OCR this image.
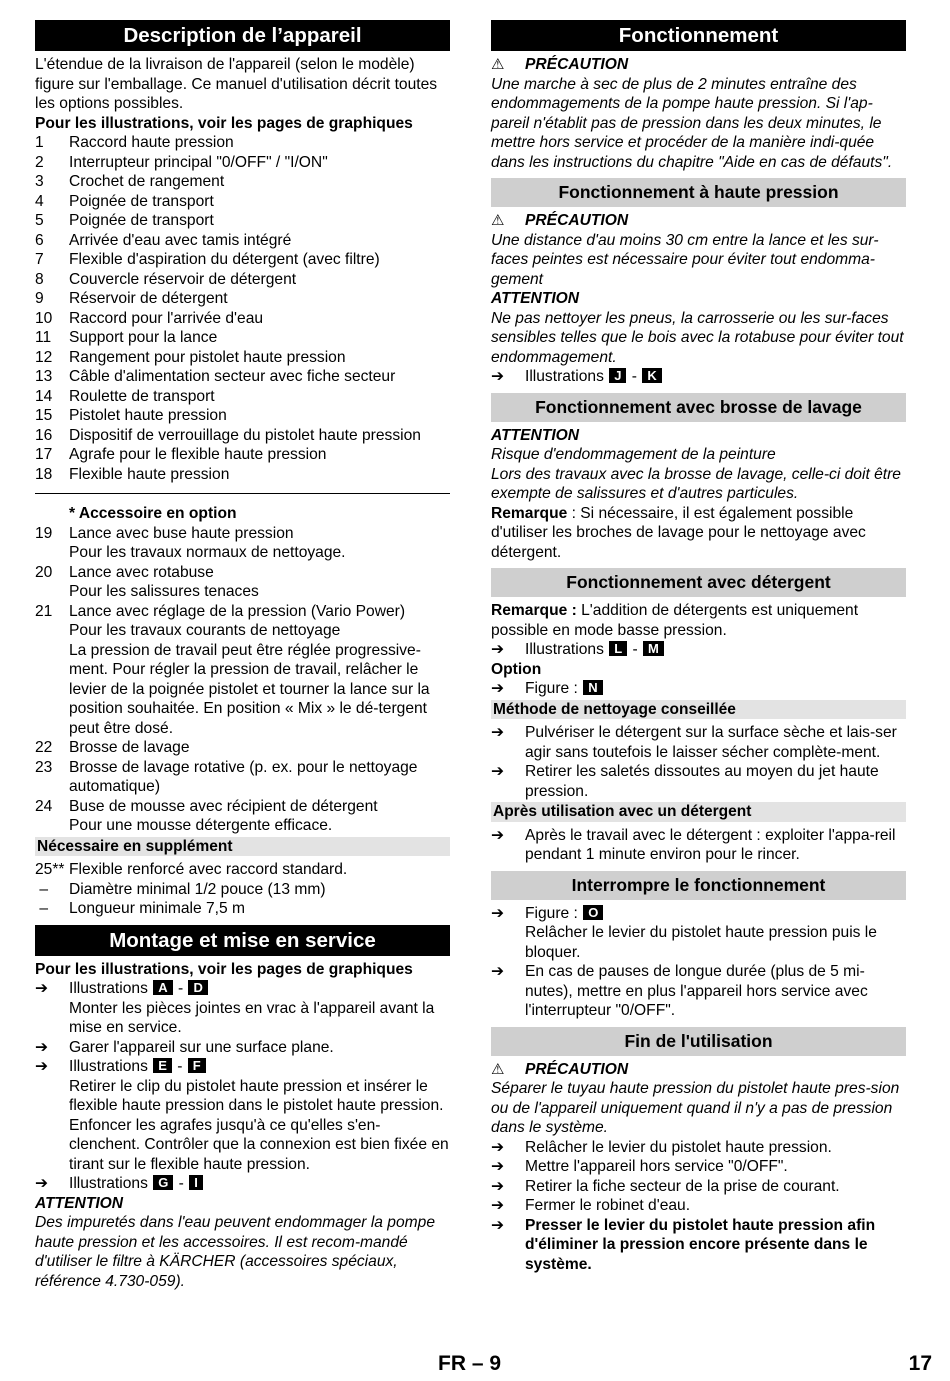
Description de l’appareil

L'étendue de la livraison de l'appareil (selon le modèle) figure sur l'emballage. Ce manuel d'utilisation décrit toutes les options possibles.

Pour les illustrations, voir les pages de graphiques

1	Raccord haute pression
2	Interrupteur principal "0/OFF" / "I/ON"
3	Crochet de rangement
4	Poignée de transport
5	Poignée de transport
6	Arrivée d'eau avec tamis intégré
7	Flexible d'aspiration du détergent (avec filtre)
8	Couvercle réservoir de détergent
9	Réservoir de détergent
10	Raccord pour l'arrivée d'eau
11	Support pour la lance
12	Rangement pour pistolet haute pression
13	Câble d'alimentation secteur avec fiche secteur
14	Roulette de transport
15	Pistolet haute pression
16	Dispositif de verrouillage du pistolet haute pression
17	Agrafe pour le flexible haute pression
18	Flexible haute pression
* Accessoire en option
19	Lance avec buse haute pression
Pour les travaux normaux de nettoyage.
20	Lance avec rotabuse
Pour les salissures tenaces
21	Lance avec réglage de la pression (Vario Power)
Pour les travaux courants de nettoyage
La pression de travail peut être réglée progressive-ment. Pour régler la pression de travail, relâcher le levier de la poignée pistolet et tourner la lance sur la position souhaitée. En position « Mix » le dé-tergent peut être dosé.
22	Brosse de lavage
23	Brosse de lavage rotative (p. ex. pour le nettoyage automatique)
24	Buse de mousse avec récipient de détergent
Pour une mousse détergente efficace.
Nécessaire en supplément
25** Flexible renforcé avec raccord standard.
–	Diamètre minimal 1/2 pouce (13 mm)
–	Longueur minimale 7,5 m
Montage et mise en service

Pour les illustrations, voir les pages de graphiques

➔	Illustrations A - D
Monter les pièces jointes en vrac à l'appareil avant la mise en service.
➔	Garer l'appareil sur une surface plane.
➔	Illustrations E - F
Retirer le clip du pistolet haute pression et insérer le flexible haute pression dans le pistolet haute pression.
Enfoncer les agrafes jusqu'à ce qu'elles s'en-clenchent. Contrôler que la connexion est bien fixée en tirant sur le flexible haute pression.
➔	Illustrations G - I
ATTENTION
Des impuretés dans l'eau peuvent endommager la pompe haute pression et les accessoires. Il est recom-mandé d'utiliser le filtre à KÄRCHER (accessoires spéciaux, référence 4.730-059).
Fonctionnement
⚠	PRÉCAUTION
Une marche à sec de plus de 2 minutes entraîne des endommagements de la pompe haute pression. Si l'ap-pareil n'établit pas de pression dans les deux minutes, le mettre hors service et procéder de la manière indi-quée dans les instructions du chapitre "Aide en cas de défauts".
Fonctionnement à haute pression
⚠	PRÉCAUTION
Une distance d'au moins 30 cm entre la lance et les sur-faces peintes est nécessaire pour éviter tout endomma-gement
ATTENTION
Ne pas nettoyer les pneus, la carrosserie ou les sur-faces sensibles telles que le bois avec la rotabuse pour éviter tout endommagement.
➔	Illustrations J - K
Fonctionnement avec brosse de lavage
ATTENTION
Risque d'endommagement de la peinture
Lors des travaux avec la brosse de lavage, celle-ci doit être exempte de salissures et d'autres particules.
Remarque : Si nécessaire, il est également possible d'utiliser les broches de lavage pour le nettoyage avec détergent.
Fonctionnement avec détergent
Remarque : L'addition de détergents est uniquement possible en mode basse pression.
➔	Illustrations L - M
Option
➔	Figure : N
Méthode de nettoyage conseillée
➔	Pulvériser le détergent sur la surface sèche et lais-ser agir sans toutefois le laisser sécher complète-ment.
➔	Retirer les saletés dissoutes au moyen du jet haute pression.
Après utilisation avec un détergent
➔	Après le travail avec le détergent : exploiter l'appa-reil pendant 1 minute environ pour le rincer.
Interrompre le fonctionnement
➔	Figure : O
Relâcher le levier du pistolet haute pression puis le bloquer.
➔	En cas de pauses de longue durée (plus de 5 mi-nutes), mettre en plus l'appareil hors service avec l'interrupteur "0/OFF".
Fin de l'utilisation
⚠	PRÉCAUTION
Séparer le tuyau haute pression du pistolet haute pres-sion ou de l'appareil uniquement quand il n'y a pas de pression dans le système.
➔	Relâcher le levier du pistolet haute pression.
➔	Mettre l'appareil hors service "0/OFF".
➔	Retirer la fiche secteur de la prise de courant.
➔	Fermer le robinet d'eau.
➔	Presser le levier du pistolet haute pression afin d'éliminer la pression encore présente dans le système.
FR – 9	17
